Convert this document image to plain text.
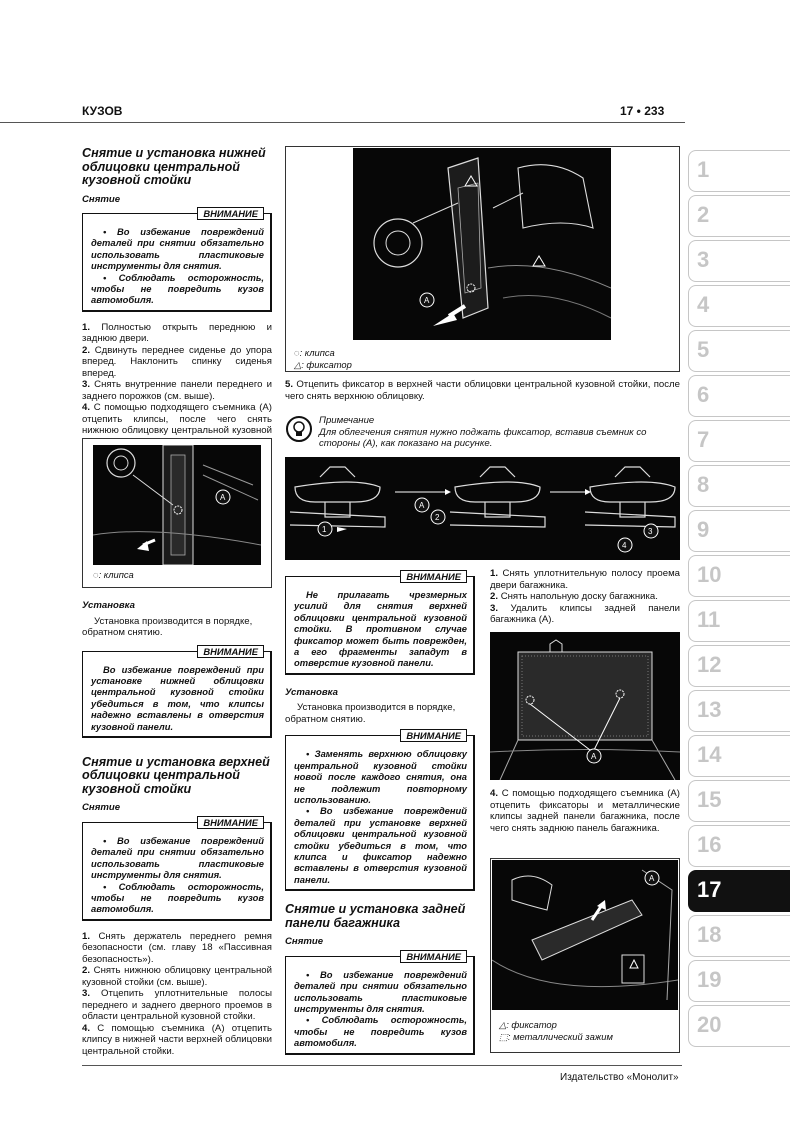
КУЗОВ	17 • 233
Издательство «Монолит»
1
2
3
4
5
6
7
8
9
10
11
12
13
14
15
16
17
18
19
20
Снятие и установка нижней облицовки центральной кузовной стойки
Снятие
ВНИМАНИЕ

• Во избежание повреждений деталей при снятии обязательно использовать пластиковые инструменты для снятия.

• Соблюдать осторожность, чтобы не повредить кузов автомобиля.

1. Полностью открыть переднюю и заднюю двери.

2. Сдвинуть переднее сиденье до упора вперед. Наклонить спинку сиденья вперед.

3. Снять внутренние панели переднего и заднего порожков (см. выше).

4. С помощью подходящего съемника (А) отцепить клипсы, после чего снять нижнюю облицовку центральной кузовной

A
◌: клипса
Установка

Установка производится в порядке, обратном снятию.

ВНИМАНИЕ

Во избежание повреждений при установке нижней облицовки центральной кузовной стойки убедиться в том, что клипсы надежно вставлены в отверстия кузовной панели.

Снятие и установка верхней облицовки центральной кузовной стойки
Снятие
ВНИМАНИЕ

• Во избежание повреждений деталей при снятии обязательно использовать пластиковые инструменты для снятия.

• Соблюдать осторожность, чтобы не повредить кузов автомобиля.

1. Снять держатель переднего ремня безопасности (см. главу 18 «Пассивная безопасность»).

2. Снять нижнюю облицовку центральной кузовной стойки (см. выше).

3. Отцепить уплотнительные полосы переднего и заднего дверного проемов в области центральной кузовной стойки.

4. С помощью съемника (А) отцепить клипсу в нижней части верхней облицовки центральной стойки.

A
◌: клипса
△: фиксатор

5. Отцепить фиксатор в верхней части облицовки центральной кузовной стойки, после чего снять верхнюю облицовку.

Примечание
Для облегчения снятия нужно поджать фиксатор, вставив съемник со стороны (А), как показано на рисунке.
1
A
2
3
4
ВНИМАНИЕ

Не прилагать чрезмерных усилий для снятия верхней облицовки центральной кузовной стойки. В противном случае фиксатор может быть поврежден, а его фрагменты западут в отверстие кузовной панели.

Установка

Установка производится в порядке, обратном снятию.

ВНИМАНИЕ

• Заменять верхнюю облицовку центральной кузовной стойки новой после каждого снятия, она не подлежит повторному использованию.

• Во избежание повреждений деталей при установке верхней облицовки центральной кузовной стойки убедиться в том, что клипса и фиксатор надежно вставлены в отверстия кузовной панели.

Снятие и установка задней панели багажника
Снятие
ВНИМАНИЕ

• Во избежание повреждений деталей при снятии обязательно использовать пластиковые инструменты для снятия.

• Соблюдать осторожность, чтобы не повредить кузов автомобиля.

1. Снять уплотнительную полосу проема двери багажника.

2. Снять напольную доску багажника.

3. Удалить клипсы задней панели багажника (А).

A

4. С помощью подходящего съемника (А) отцепить фиксаторы и металлические клипсы задней панели багажника, после чего снять заднюю панель багажника.

A
△: фиксатор
⬚: металлический зажим
